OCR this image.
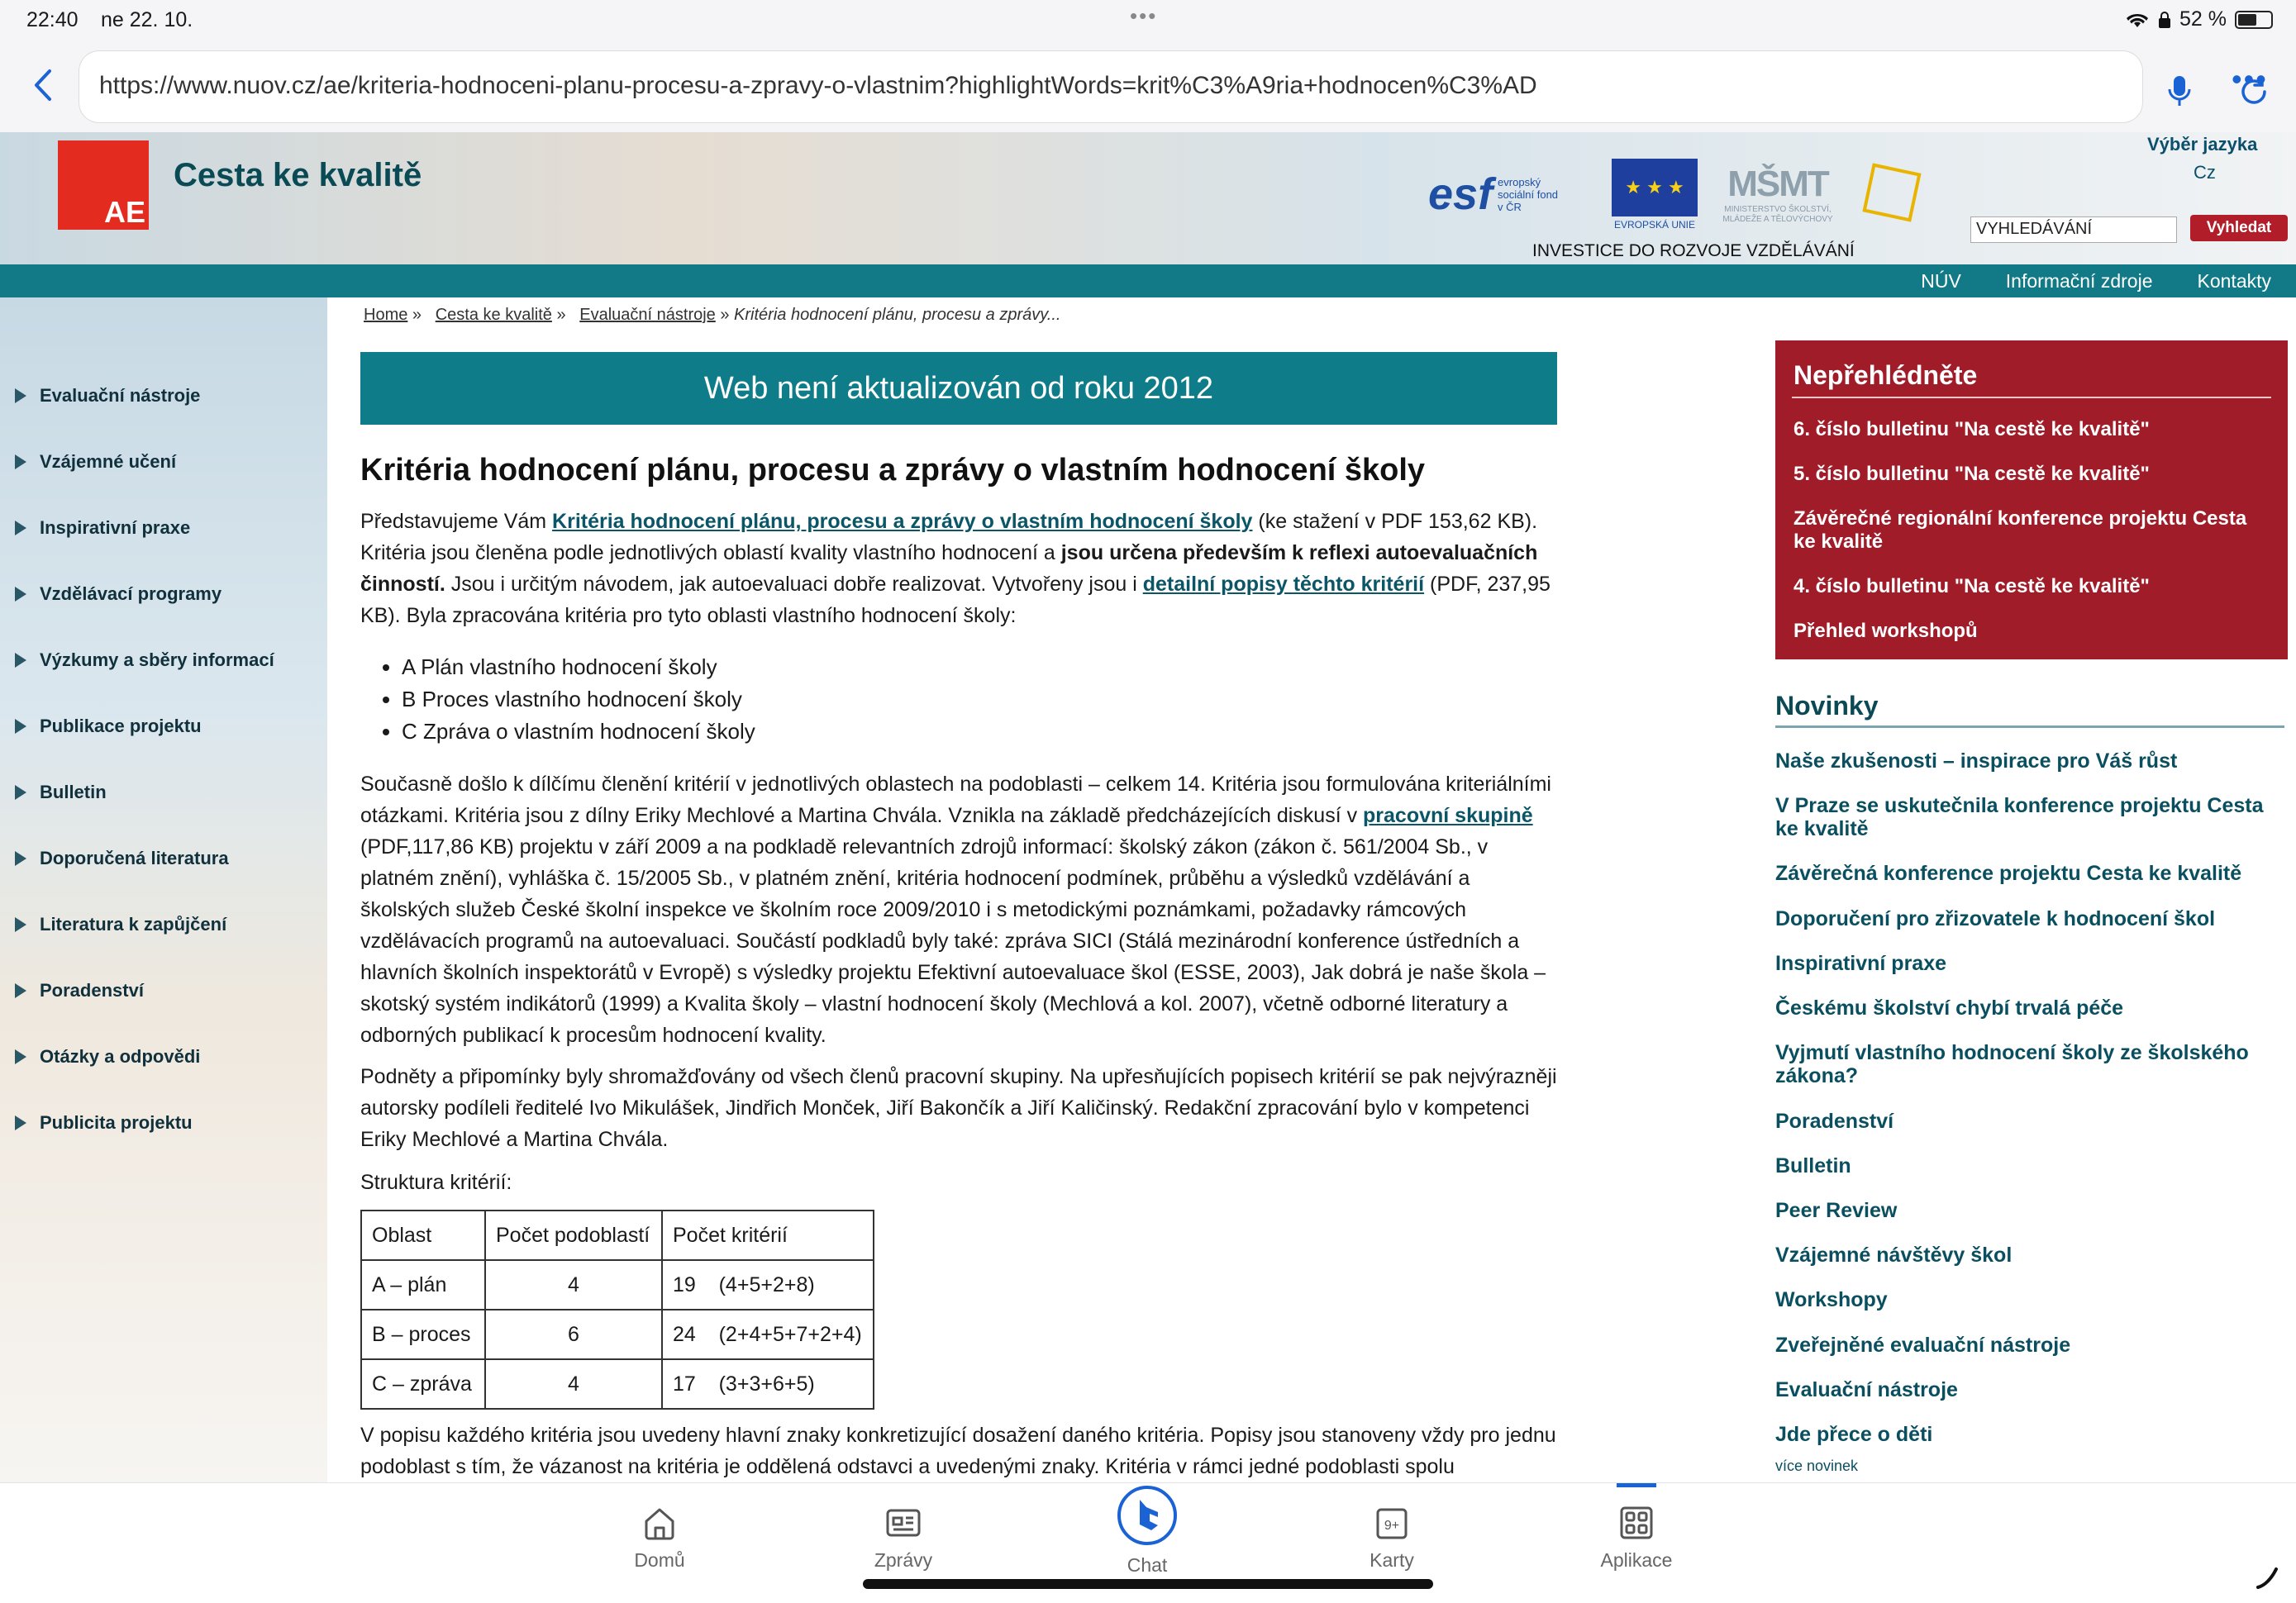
22:40 ne 22. 10.	•••	52 %
https://www.nuov.cz/ae/kriteria-hodnoceni-planu-procesu-a-zpravy-o-vlastnim?highlightWords=krit%C3%A9ria+hodnocen%C3%AD	•••
AE
Cesta ke kvalitě	esf evropský sociální fond v ČR
★ ★ ★
EVROPSKÁ UNIE
MŠMT
MINISTERSTVO ŠKOLSTVÍ, MLÁDEŽE A TĚLOVÝCHOVY
INVESTICE DO ROZVOJE VZDĚLÁVÁNÍ
Výběr jazyka
Cz
VYHLEDÁVÁNÍ	Vyhledat
NÚV Informační zdroje Kontakty
Evaluační nástroje
Vzájemné učení
Inspirativní praxe
Vzdělávací programy
Výzkumy a sběry informací
Publikace projektu
Bulletin
Doporučená literatura
Literatura k zapůjčení
Poradenství
Otázky a odpovědi
Publicita projektu
Home »   Cesta ke kvalitě »   Evaluační nástroje » Kritéria hodnocení plánu, procesu a zprávy...
Web není aktualizován od roku 2012
Kritéria hodnocení plánu, procesu a zprávy o vlastním hodnocení školy

Představujeme Vám Kritéria hodnocení plánu, procesu a zprávy o vlastním hodnocení školy (ke stažení v PDF 153,62 KB). Kritéria jsou členěna podle jednotlivých oblastí kvality vlastního hodnocení a jsou určena především k reflexi autoevaluačních činností. Jsou i určitým návodem, jak autoevaluaci dobře realizovat. Vytvořeny jsou i detailní popisy těchto kritérií (PDF, 237,95 KB). Byla zpracována kritéria pro tyto oblasti vlastního hodnocení školy:

• A Plán vlastního hodnocení školy
• B Proces vlastního hodnocení školy
• C Zpráva o vlastním hodnocení školy

Současně došlo k dílčímu členění kritérií v jednotlivých oblastech na podoblasti – celkem 14. Kritéria jsou formulována kriteriálními otázkami. Kritéria jsou z dílny Eriky Mechlové a Martina Chvála. Vznikla na základě předcházejících diskusí v pracovní skupině (PDF,117,86 KB) projektu v září 2009 a na podkladě relevantních zdrojů informací: školský zákon (zákon č. 561/2004 Sb., v platném znění), vyhláška č. 15/2005 Sb., v platném znění, kritéria hodnocení podmínek, průběhu a výsledků vzdělávání a školských služeb České školní inspekce ve školním roce 2009/2010 i s metodickými poznámkami, požadavky rámcových vzdělávacích programů na autoevaluaci. Součástí podkladů byly také: zpráva SICI (Stálá mezinárodní konference ústředních a hlavních školních inspektorátů v Evropě) s výsledky projektu Efektivní autoevaluace škol (ESSE, 2003), Jak dobrá je naše škola – skotský systém indikátorů (1999) a Kvalita školy – vlastní hodnocení školy (Mechlová a kol. 2007), včetně odborné literatury a odborných publikací k procesům hodnocení kvality.

Podněty a připomínky byly shromažďovány od všech členů pracovní skupiny. Na upřesňujících popisech kritérií se pak nejvýrazněji autorsky podíleli ředitelé Ivo Mikulášek, Jindřich Monček, Jiří Bakončík a Jiří Kaličinský. Redakční zpracování bylo v kompetenci Eriky Mechlové a Martina Chvála.

Struktura kritérií:

Oblast	Počet podoblastí	Počet kritérií
A – plán	4	19 (4+5+2+8)
B – proces	6	24 (2+4+5+7+2+4)
C – zpráva	4	17 (3+3+6+5)

V popisu každého kritéria jsou uvedeny hlavní znaky konkretizující dosažení daného kritéria. Popisy jsou stanoveny vždy pro jednu podoblast s tím, že vázanost na kritéria je oddělená odstavci a uvedenými znaky. Kritéria v rámci jedné podoblasti spolu

Nepřehlédněte
6. číslo bulletinu "Na cestě ke kvalitě"
5. číslo bulletinu "Na cestě ke kvalitě"
Závěrečné regionální konference projektu Cesta ke kvalitě
4. číslo bulletinu "Na cestě ke kvalitě"
Přehled workshopů
Novinky
Naše zkušenosti – inspirace pro Váš růst
V Praze se uskutečnila konference projektu Cesta ke kvalitě
Závěrečná konference projektu Cesta ke kvalitě
Doporučení pro zřizovatele k hodnocení škol
Inspirativní praxe
Českému školství chybí trvalá péče
Vyjmutí vlastního hodnocení školy ze školského zákona?
Poradenství
Bulletin
Peer Review
Vzájemné návštěvy škol
Workshopy
Zveřejněné evaluační nástroje
Evaluační nástroje
Jde přece o děti
více novinek
Domů	Zprávy	Chat
9+
Karty	Aplikace
